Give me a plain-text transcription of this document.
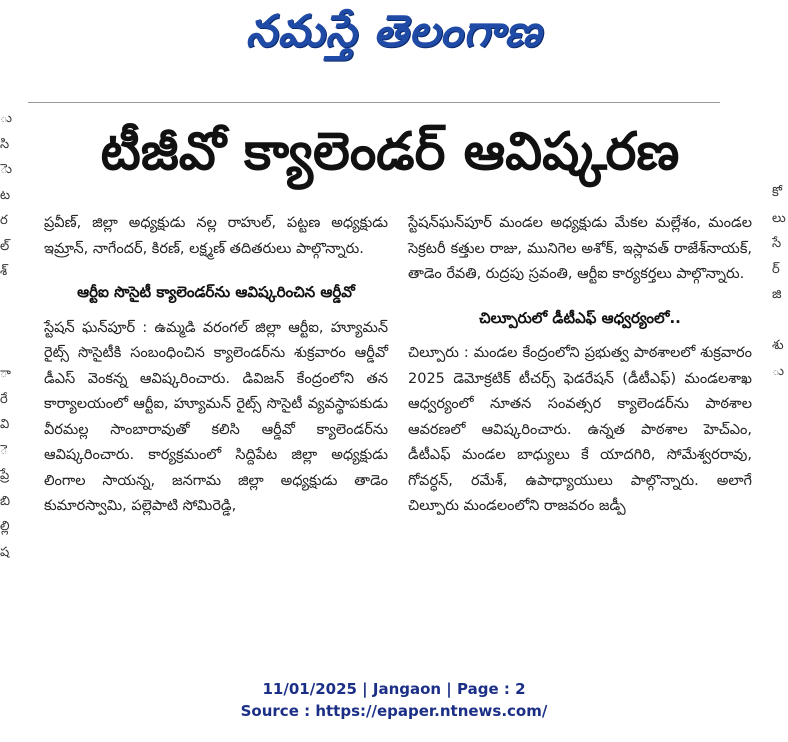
నమస్తే తెలంగాణ
టీజీవో క్యాలెండర్ ఆవిష్కరణ
ు
సి
ెు
ట
ర
ల్
శ్
ా
రే
వి
ె
ప్రే
బి
ల్లి
ష
కో
లు
సే
ర్
జి
శు
ు

ప్రవీణ్, జిల్లా అధ్యక్షుడు నల్ల రాహుల్, పట్టణ అధ్యక్షుడు ఇమ్రాన్, నాగేందర్, కిరణ్, లక్ష్మణ్ తదితరులు పాల్గొన్నారు.

ఆర్టీఐ సొసైటీ క్యాలెండర్‌ను ఆవిష్కరించిన ఆర్డీవో

స్టేషన్ ఘన్‌పూర్ : ఉమ్మడి వరంగల్ జిల్లా ఆర్టీఐ, హ్యూమన్ రైట్స్ సొసైటీకి సంబంధించిన క్యాలెండర్‌ను శుక్రవారం ఆర్డీవో డీఎస్ వెంకన్న ఆవిష్కరించారు. డివిజన్ కేంద్రంలోని తన కార్యాలయంలో ఆర్టీఐ, హ్యూమన్ రైట్స్ సొసైటీ వ్యవస్థాపకుడు వీరమల్ల సాంబారావుతో కలిసి ఆర్డీవో క్యాలెండర్‌ను ఆవిష్కరించారు. కార్యక్రమంలో సిద్దిపేట జిల్లా అధ్యక్షుడు లింగాల సాయన్న, జనగామ జిల్లా అధ్యక్షుడు తాడెం కుమారస్వామి, పల్లెపాటి సోమిరెడ్డి,

స్టేషన్‌ఘన్‌పూర్ మండల అధ్యక్షుడు మేకల మల్లేశం, మండల సెక్రటరీ కత్తుల రాజు, మునిగెల అశోక్, ఇస్లావత్ రాజేశ్‌నాయక్, తాడెం రేవతి, రుద్రపు స్రవంతి, ఆర్టీఐ కార్యకర్తలు పాల్గొన్నారు.

చిల్పూరులో డీటీఎఫ్ ఆధ్వర్యంలో..

చిల్పూరు : మండల కేంద్రంలోని ప్రభుత్వ పాఠశాలలో శుక్రవారం 2025 డెమోక్రటిక్ టీచర్స్ ఫెడరేషన్ (డీటీఎఫ్) మండలశాఖ ఆధ్వర్యంలో నూతన సంవత్సర క్యాలెండర్‌ను పాఠశాల ఆవరణలో ఆవిష్కరించారు. ఉన్నత పాఠశాల హెచ్‌ఎం, డీటీఎఫ్ మండల బాధ్యులు కే యాదగిరి, సోమేశ్వరరావు, గోవర్ధన్, రమేశ్, ఉపాధ్యాయులు పాల్గొన్నారు. అలాగే చిల్పూరు మండలంలోని రాజవరం జడ్పీ

11/01/2025 | Jangaon | Page : 2
Source : https://epaper.ntnews.com/
